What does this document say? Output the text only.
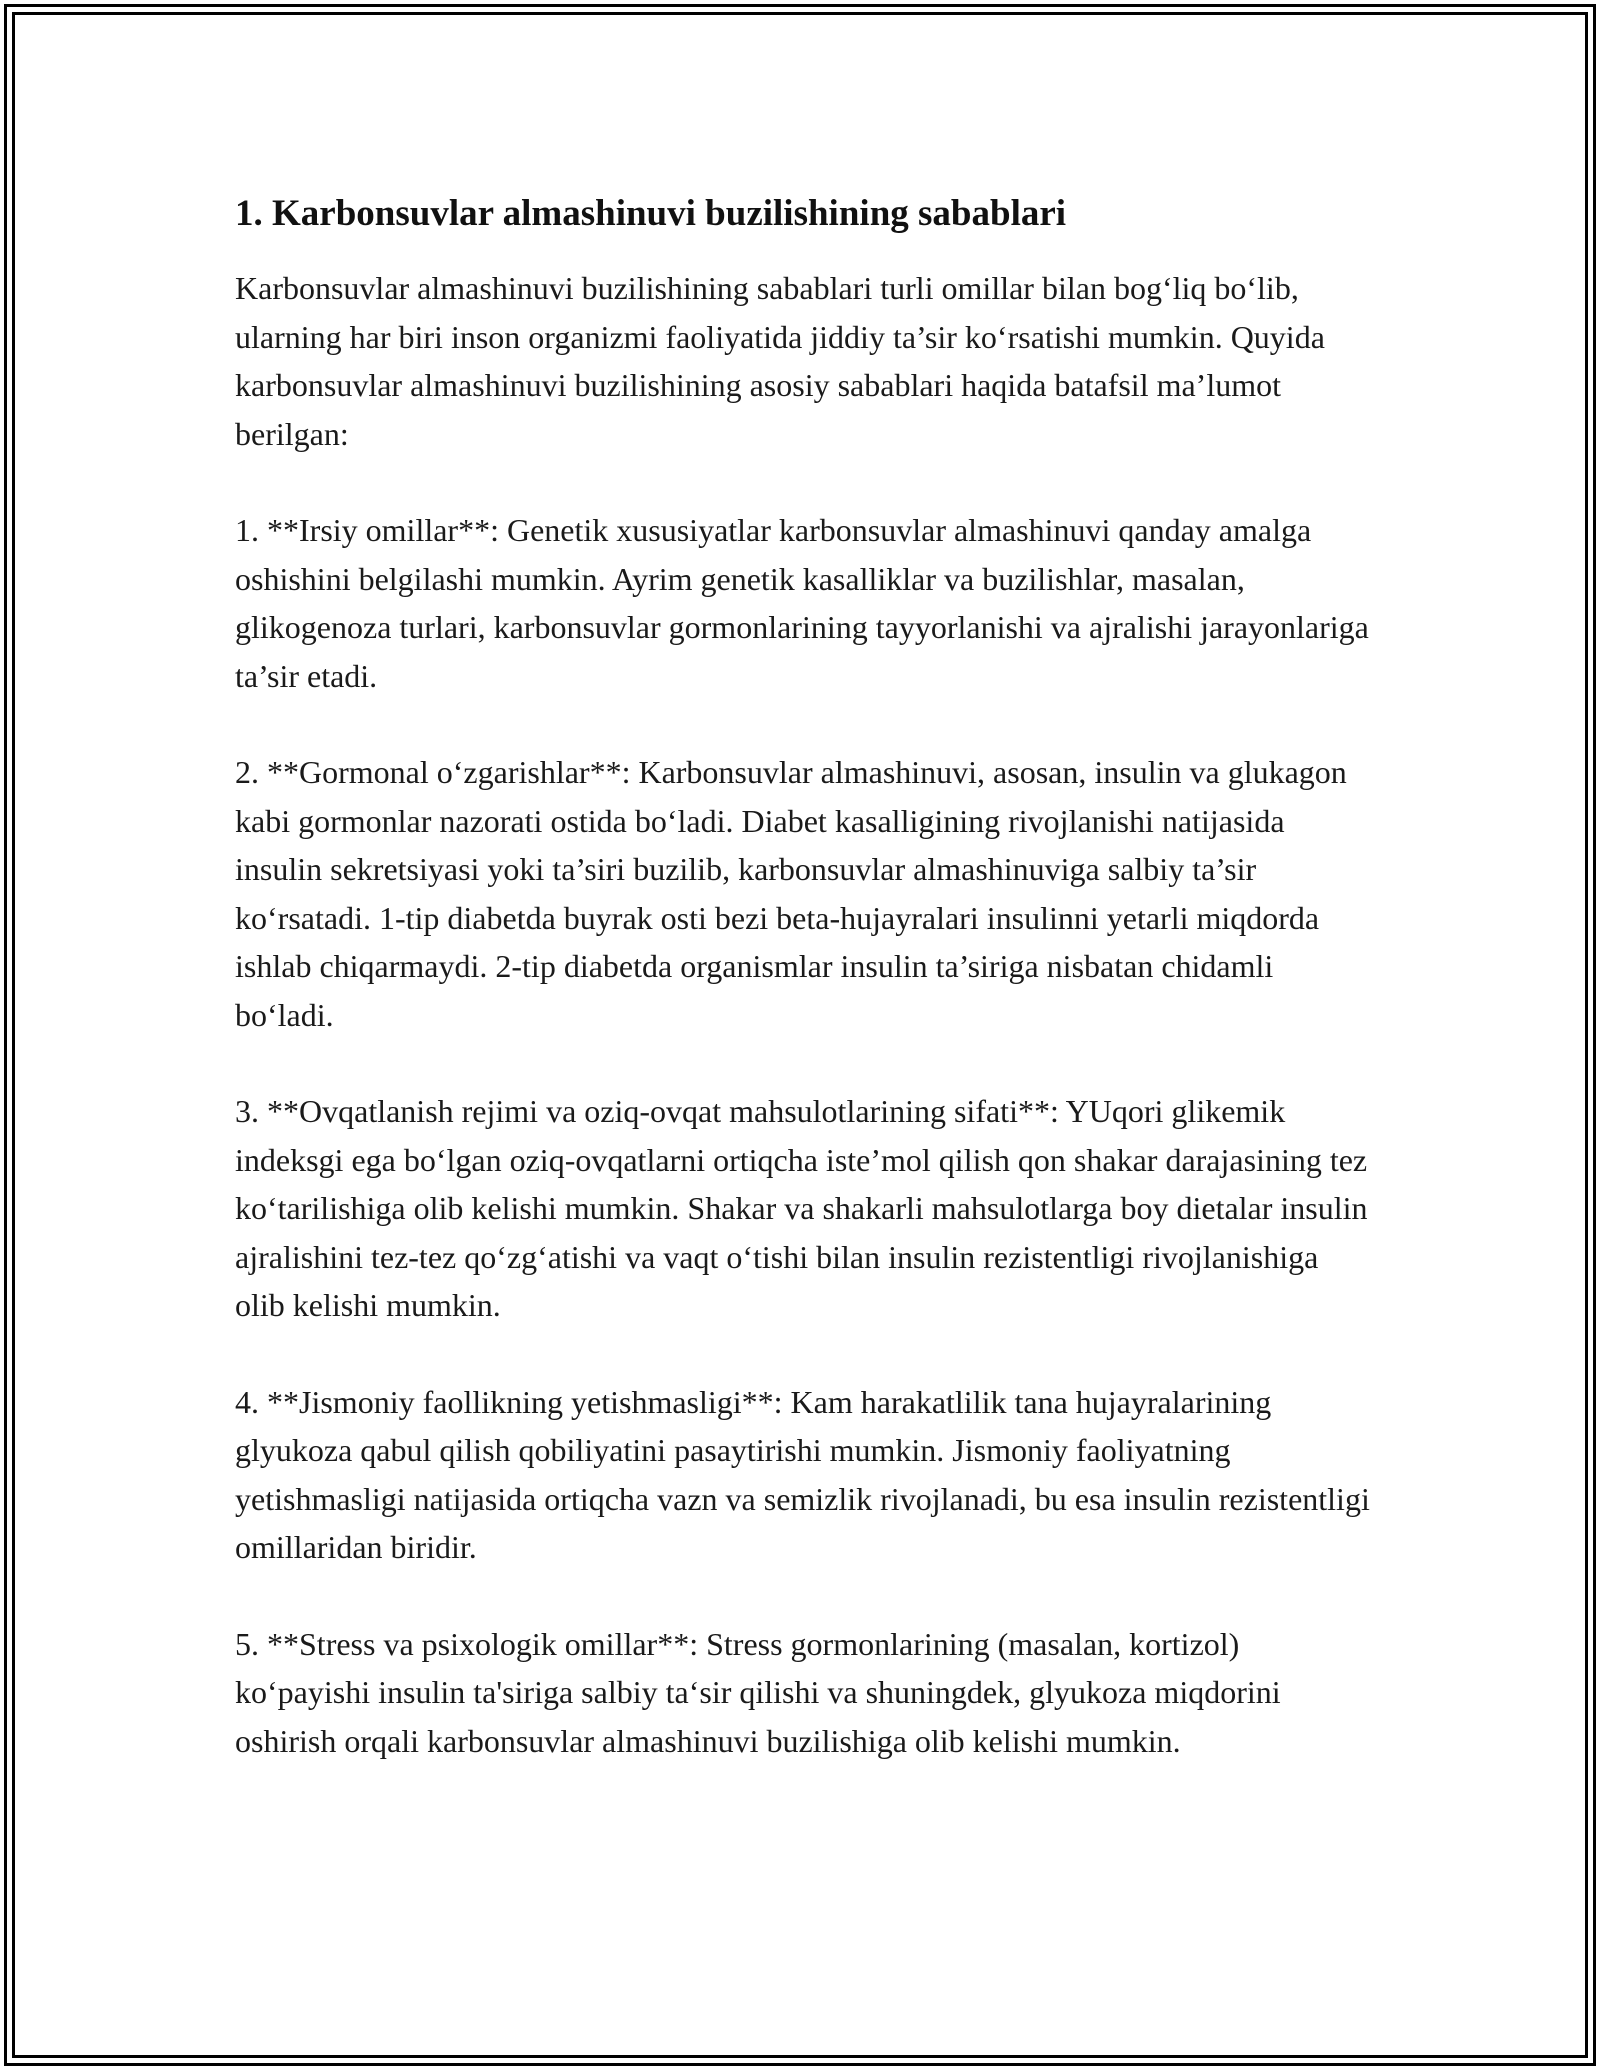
1. Karbonsuvlar almashinuvi buzilishining sabablari

Karbonsuvlar almashinuvi buzilishining sabablari turli omillar bilan bog‘liq bo‘lib, ularning har biri inson organizmi faoliyatida jiddiy ta’sir ko‘rsatishi mumkin. Quyida karbonsuvlar almashinuvi buzilishining asosiy sabablari haqida batafsil ma’lumot berilgan:

1. **Irsiy omillar**: Genetik xususiyatlar karbonsuvlar almashinuvi qanday amalga oshishini belgilashi mumkin. Ayrim genetik kasalliklar va buzilishlar, masalan, glikogenoza turlari, karbonsuvlar gormonlarining tayyorlanishi va ajralishi jarayonlariga ta’sir etadi.

2. **Gormonal o‘zgarishlar**: Karbonsuvlar almashinuvi, asosan, insulin va glukagon kabi gormonlar nazorati ostida bo‘ladi. Diabet kasalligining rivojlanishi natijasida insulin sekretsiyasi yoki ta’siri buzilib, karbonsuvlar almashinuviga salbiy ta’sir ko‘rsatadi. 1-tip diabetda buyrak osti bezi beta-hujayralari insulinni yetarli miqdorda ishlab chiqarmaydi. 2-tip diabetda organismlar insulin ta’siriga nisbatan chidamli bo‘ladi.

3. **Ovqatlanish rejimi va oziq-ovqat mahsulotlarining sifati**: YUqori glikemik indeksgi ega bo‘lgan oziq-ovqatlarni ortiqcha iste’mol qilish qon shakar darajasining tez ko‘tarilishiga olib kelishi mumkin. Shakar va shakarli mahsulotlarga boy dietalar insulin ajralishini tez-tez qo‘zg‘atishi va vaqt o‘tishi bilan insulin rezistentligi rivojlanishiga olib kelishi mumkin.

4. **Jismoniy faollikning yetishmasligi**: Kam harakatlilik tana hujayralarining glyukoza qabul qilish qobiliyatini pasaytirishi mumkin. Jismoniy faoliyatning yetishmasligi natijasida ortiqcha vazn va semizlik rivojlanadi, bu esa insulin rezistentligi omillaridan biridir.

5. **Stress va psixologik omillar**: Stress gormonlarining (masalan, kortizol) ko‘payishi insulin ta'siriga salbiy ta‘sir qilishi va shuningdek, glyukoza miqdorini oshirish orqali karbonsuvlar almashinuvi buzilishiga olib kelishi mumkin.
